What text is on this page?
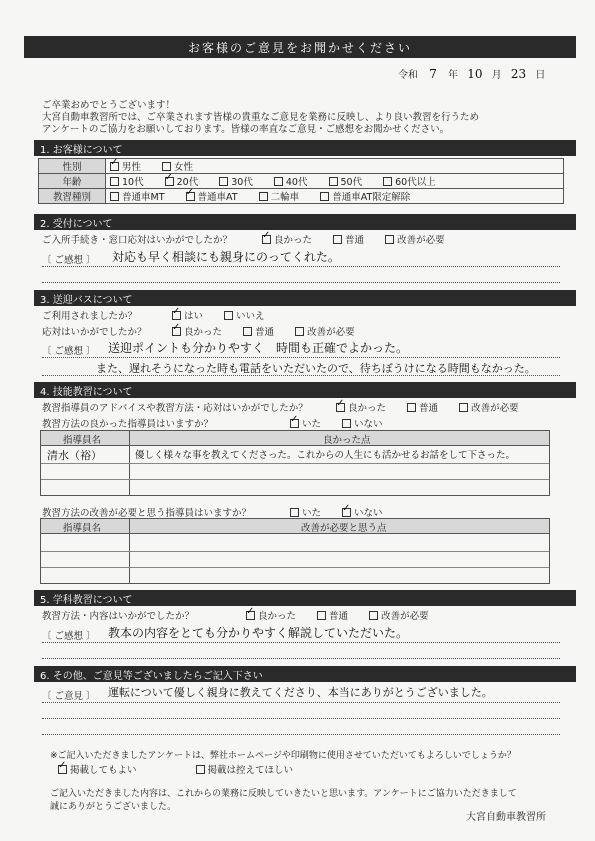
お客様のご意見をお聞かせください
令和 7 年 10 月 23 日
ご卒業おめでとうございます！
大宮自動車教習所では、ご卒業されます皆様の貴重なご意見を業務に反映し、より良い教習を行うため
アンケートのご協力をお願いしております。皆様の率直なご意見・ご感想をお聞かせください。
1. お客様について
性別	✓男性 女性
年齢	10代 ✓ 20代 30代 40代 50代 60代以上
教習種別	普通車MT ✓ 普通車AT 二輪車 普通車AT限定解除
2. 受付について
ご入所手続き・窓口応対はいかがでしたか？ ✓	良かった	普通	改善が必要
〔 ご感想 〕 対応も早く相談にも親身にのってくれた。
3. 送迎バスについて
ご利用されましたか？ ✓	はい	いいえ
応対はいかがでしたか？ ✓	良かった	普通	改善が必要
〔 ご感想 〕 送迎ポイントも分かりやすく　時間も正確でよかった。
また、遅れそうになった時も電話をいただいたので、待ちぼうけになる時間もなかった。
4. 技能教習について
教習指導員のアドバイスや教習方法・応対はいかがでしたか？ ✓	良かった	普通	改善が必要
教習方法の良かった指導員はいますか？ ✓	いた	いない
指導員名	良かった点
清水（裕）	優しく様々な事を教えてくださった。これからの人生にも活かせるお話をして下さった。
教習方法の改善が必要と思う指導員はいますか？	いた ✓	いない
指導員名	改善が必要と思う点
5. 学科教習について
教習方法・内容はいかがでしたか？ ✓	良かった	普通	改善が必要
〔 ご感想 〕 教本の内容をとても分かりやすく解説していただいた。
6. その他、ご意見等ございましたらご記入下さい
〔 ご意見 〕 運転について優しく親身に教えてくださり、本当にありがとうございました。
※ご記入いただきましたアンケートは、弊社ホームページや印刷物に使用させていただいてもよろしいでしょうか？
✓掲載してもよい	掲載は控えてほしい
ご記入いただきました内容は、これからの業務に反映していきたいと思います。アンケートにご協力いただきまして
誠にありがとうございました。
大宮自動車教習所
